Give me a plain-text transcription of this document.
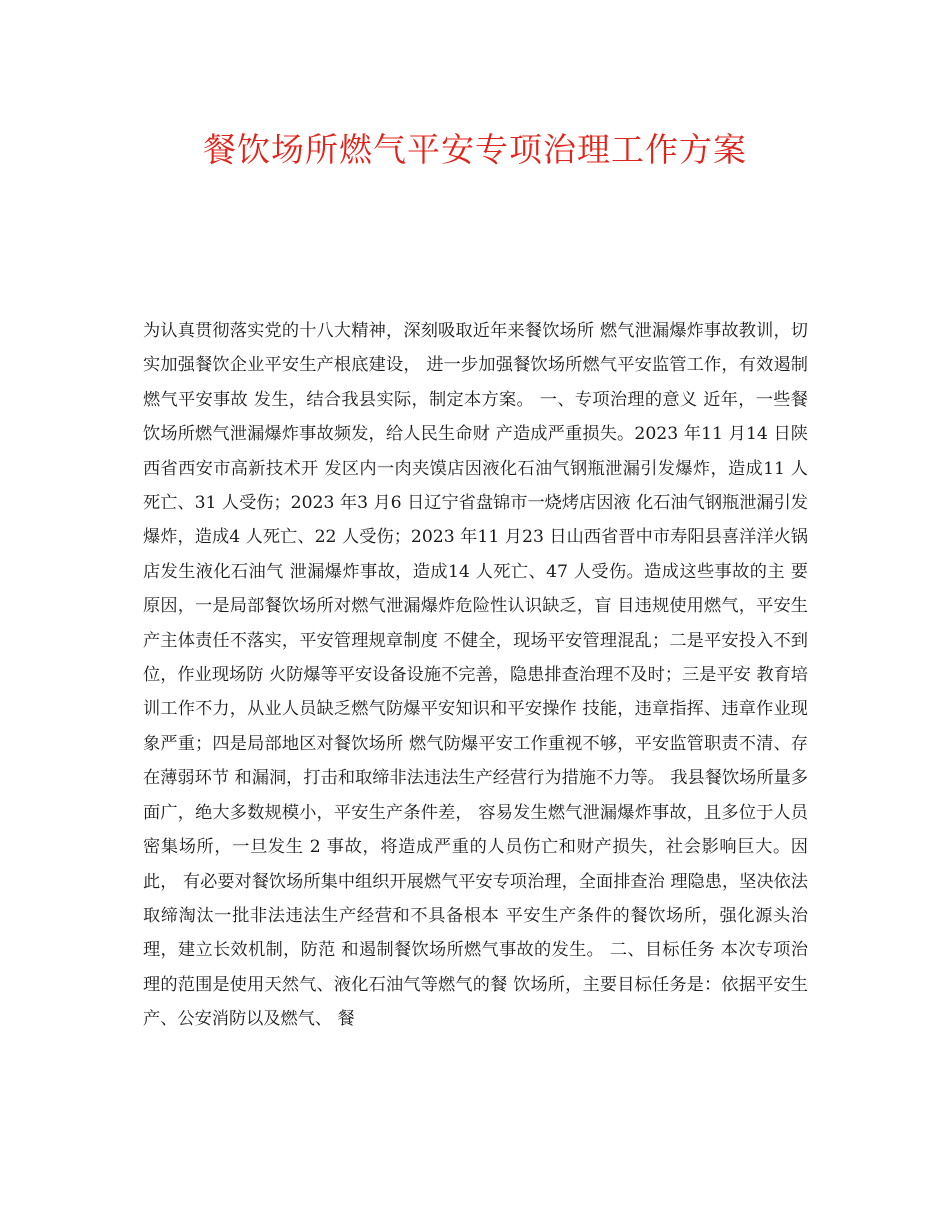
餐饮场所燃气平安专项治理工作方案

为认真贯彻落实党的十八大精神，深刻吸取近年来餐饮场所 燃气泄漏爆炸事故教训，切实加强餐饮企业平安生产根底建设， 进一步加强餐饮场所燃气平安监管工作，有效遏制燃气平安事故 发生，结合我县实际，制定本方案。 一、专项治理的意义 近年，一些餐饮场所燃气泄漏爆炸事故频发，给人民生命财 产造成严重损失。2023 年11 月14 日陕西省西安市高新技术开 发区内一肉夹馍店因液化石油气钢瓶泄漏引发爆炸，造成11 人 死亡、31 人受伤；2023 年3 月6 日辽宁省盘锦市一烧烤店因液 化石油气钢瓶泄漏引发爆炸，造成4 人死亡、22 人受伤；2023 年11 月23 日山西省晋中市寿阳县喜洋洋火锅店发生液化石油气 泄漏爆炸事故，造成14 人死亡、47 人受伤。造成这些事故的主 要原因，一是局部餐饮场所对燃气泄漏爆炸危险性认识缺乏，盲 目违规使用燃气，平安生产主体责任不落实，平安管理规章制度 不健全，现场平安管理混乱；二是平安投入不到位，作业现场防 火防爆等平安设备设施不完善，隐患排查治理不及时；三是平安 教育培训工作不力，从业人员缺乏燃气防爆平安知识和平安操作 技能，违章指挥、违章作业现象严重；四是局部地区对餐饮场所 燃气防爆平安工作重视不够，平安监管职责不清、存在薄弱环节 和漏洞，打击和取缔非法违法生产经营行为措施不力等。 我县餐饮场所量多面广，绝大多数规模小，平安生产条件差， 容易发生燃气泄漏爆炸事故，且多位于人员密集场所，一旦发生 2 事故，将造成严重的人员伤亡和财产损失，社会影响巨大。因此， 有必要对餐饮场所集中组织开展燃气平安专项治理，全面排查治 理隐患，坚决依法取缔淘汰一批非法违法生产经营和不具备根本 平安生产条件的餐饮场所，强化源头治理，建立长效机制，防范 和遏制餐饮场所燃气事故的发生。 二、目标任务 本次专项治理的范围是使用天然气、液化石油气等燃气的餐 饮场所，主要目标任务是：依据平安生产、公安消防以及燃气、 餐
